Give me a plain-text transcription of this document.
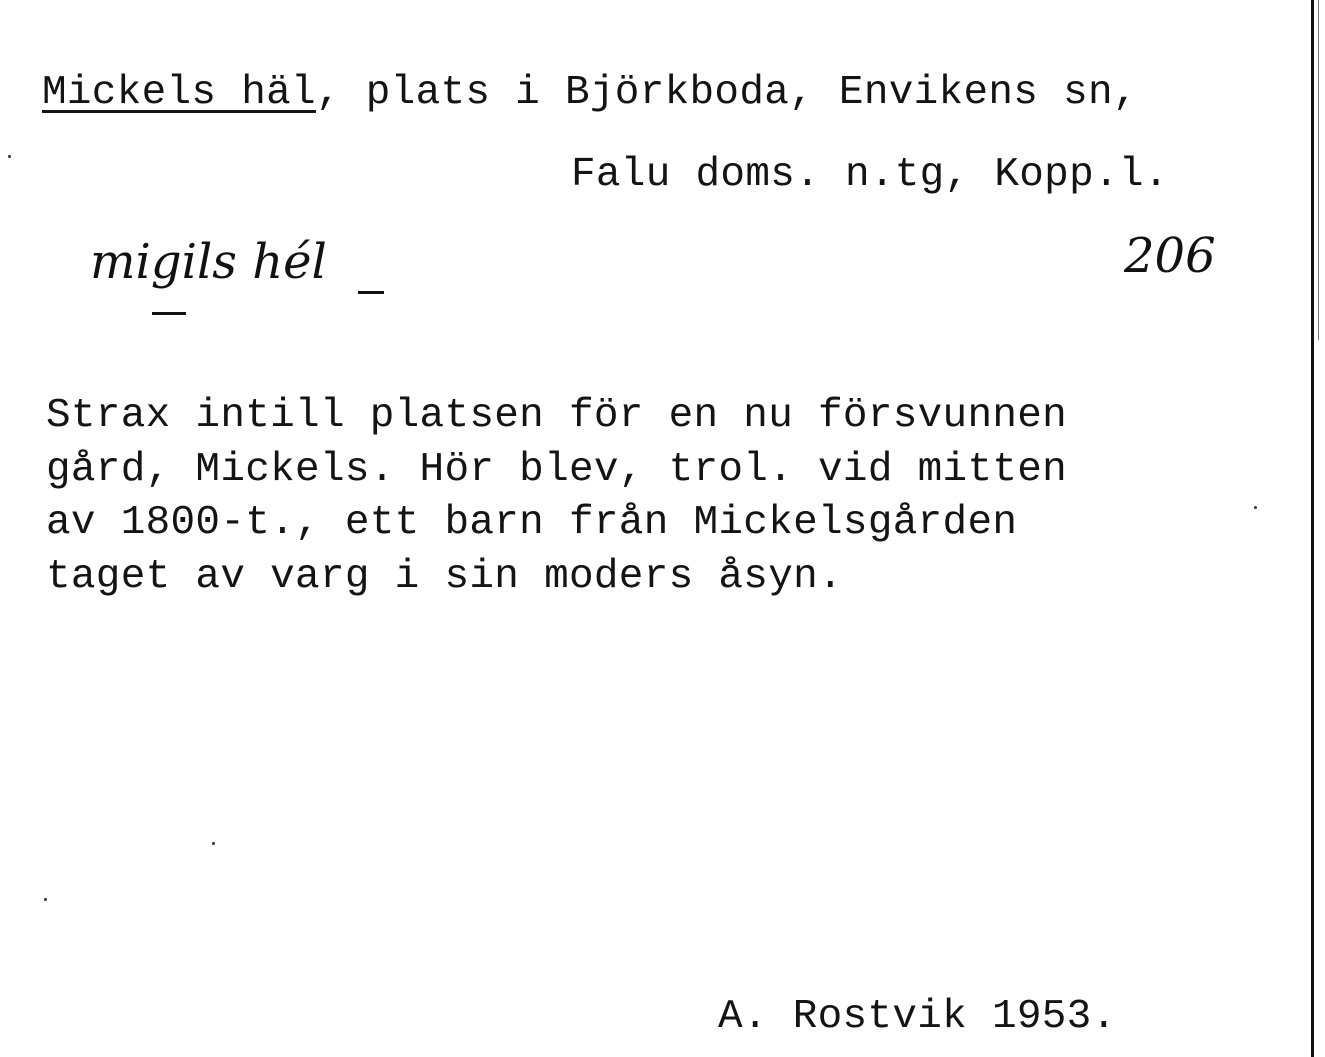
Mickels häl, plats i Björkboda, Envikens sn,
Falu doms. n.tg, Kopp.l.
migils hél	206
Strax intill platsen för en nu försvunnen
gård, Mickels. Hör blev, trol. vid mitten
av 1800-t., ett barn från Mickelsgården
taget av varg i sin moders åsyn.
A. Rostvik 1953.
